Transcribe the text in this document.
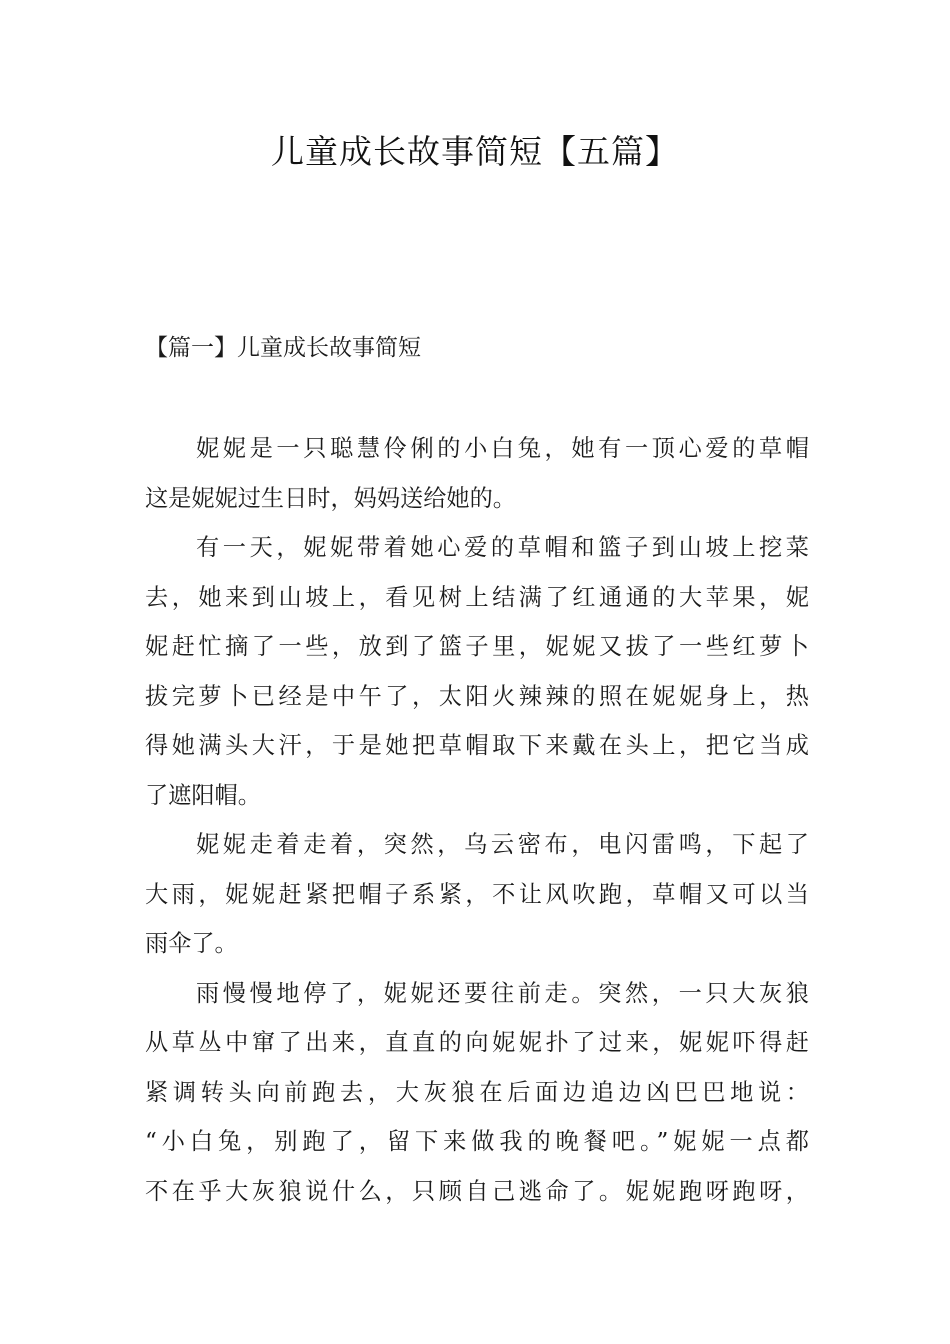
儿童成长故事简短【五篇】
【篇一】儿童成长故事简短
妮妮是一只聪慧伶俐的小白兔，她有一顶心爱的草帽
这是妮妮过生日时，妈妈送给她的。
有一天，妮妮带着她心爱的草帽和篮子到山坡上挖菜
去，她来到山坡上，看见树上结满了红通通的大苹果，妮
妮赶忙摘了一些，放到了篮子里，妮妮又拔了一些红萝卜
拔完萝卜已经是中午了，太阳火辣辣的照在妮妮身上，热
得她满头大汗，于是她把草帽取下来戴在头上，把它当成
了遮阳帽。
妮妮走着走着，突然，乌云密布，电闪雷鸣，下起了
大雨，妮妮赶紧把帽子系紧，不让风吹跑，草帽又可以当
雨伞了。
雨慢慢地停了，妮妮还要往前走。突然，一只大灰狼
从草丛中窜了出来，直直的向妮妮扑了过来，妮妮吓得赶
紧调转头向前跑去，大灰狼在后面边追边凶巴巴地说：
“小白兔，别跑了，留下来做我的晚餐吧。”妮妮一点都
不在乎大灰狼说什么，只顾自己逃命了。妮妮跑呀跑呀，
